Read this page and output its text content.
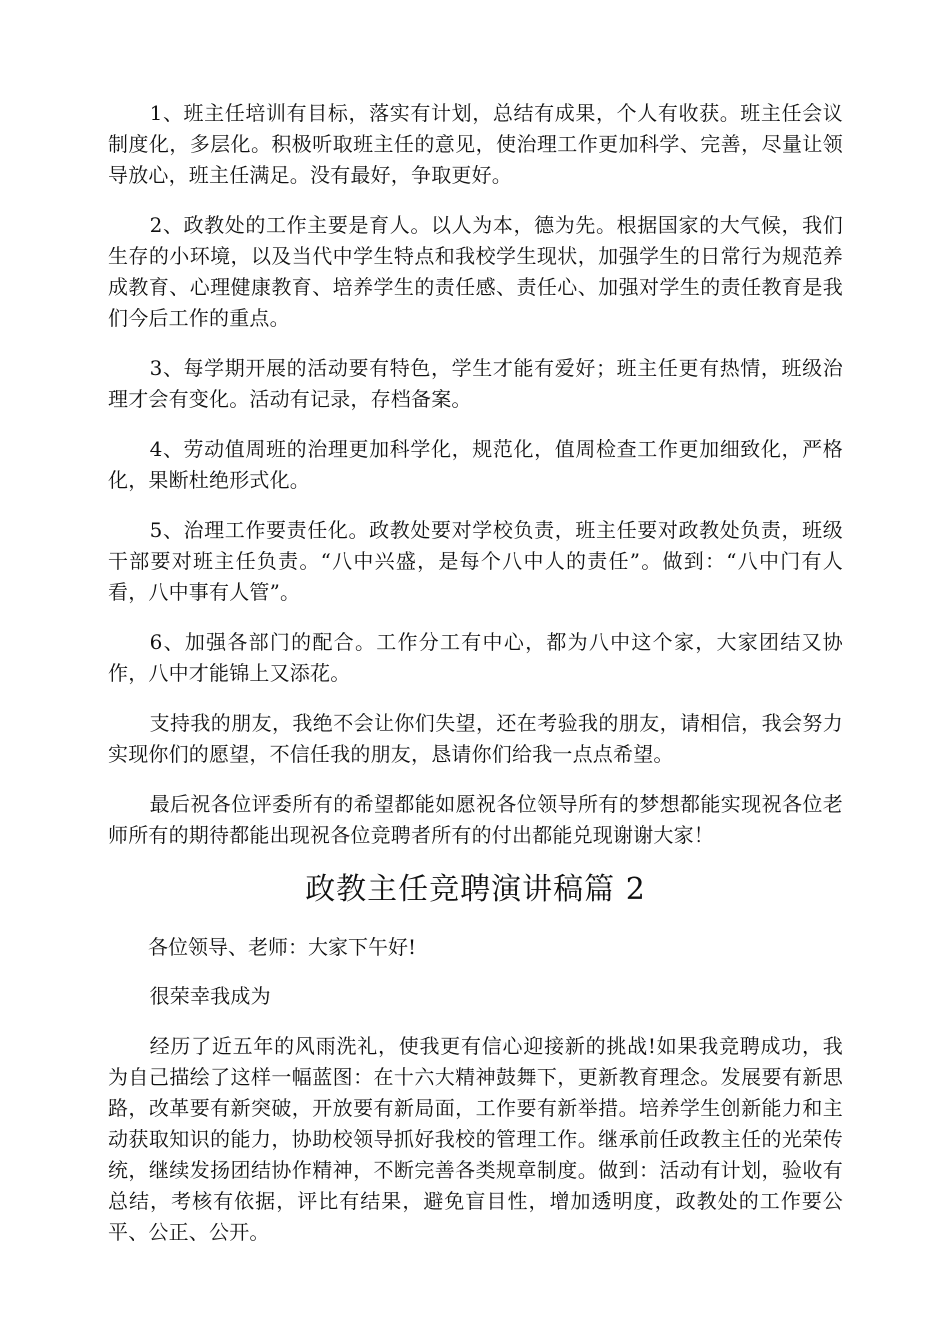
1、班主任培训有目标，落实有计划，总结有成果，个人有收获。班主任会议制度化，多层化。积极听取班主任的意见，使治理工作更加科学、完善，尽量让领导放心，班主任满足。没有最好，争取更好。

2、政教处的工作主要是育人。以人为本，德为先。根据国家的大气候，我们生存的小环境，以及当代中学生特点和我校学生现状，加强学生的日常行为规范养成教育、心理健康教育、培养学生的责任感、责任心、加强对学生的责任教育是我们今后工作的重点。

3、每学期开展的活动要有特色，学生才能有爱好；班主任更有热情，班级治理才会有变化。活动有记录，存档备案。

4、劳动值周班的治理更加科学化，规范化，值周检查工作更加细致化，严格化，果断杜绝形式化。

5、治理工作要责任化。政教处要对学校负责，班主任要对政教处负责，班级干部要对班主任负责。“八中兴盛，是每个八中人的责任”。做到：“八中门有人看，八中事有人管”。

6、加强各部门的配合。工作分工有中心，都为八中这个家，大家团结又协作，八中才能锦上又添花。

支持我的朋友，我绝不会让你们失望，还在考验我的朋友，请相信，我会努力实现你们的愿望，不信任我的朋友，恳请你们给我一点点希望。

最后祝各位评委所有的希望都能如愿祝各位领导所有的梦想都能实现祝各位老师所有的期待都能出现祝各位竞聘者所有的付出都能兑现谢谢大家！

政教主任竞聘演讲稿篇 2

各位领导、老师：大家下午好!

很荣幸我成为

经历了近五年的风雨洗礼，使我更有信心迎接新的挑战!如果我竞聘成功，我为自己描绘了这样一幅蓝图：在十六大精神鼓舞下，更新教育理念。发展要有新思路，改革要有新突破，开放要有新局面，工作要有新举措。培养学生创新能力和主动获取知识的能力，协助校领导抓好我校的管理工作。继承前任政教主任的光荣传统，继续发扬团结协作精神，不断完善各类规章制度。做到：活动有计划，验收有总结，考核有依据，评比有结果，避免盲目性，增加透明度，政教处的工作要公平、公正、公开。
